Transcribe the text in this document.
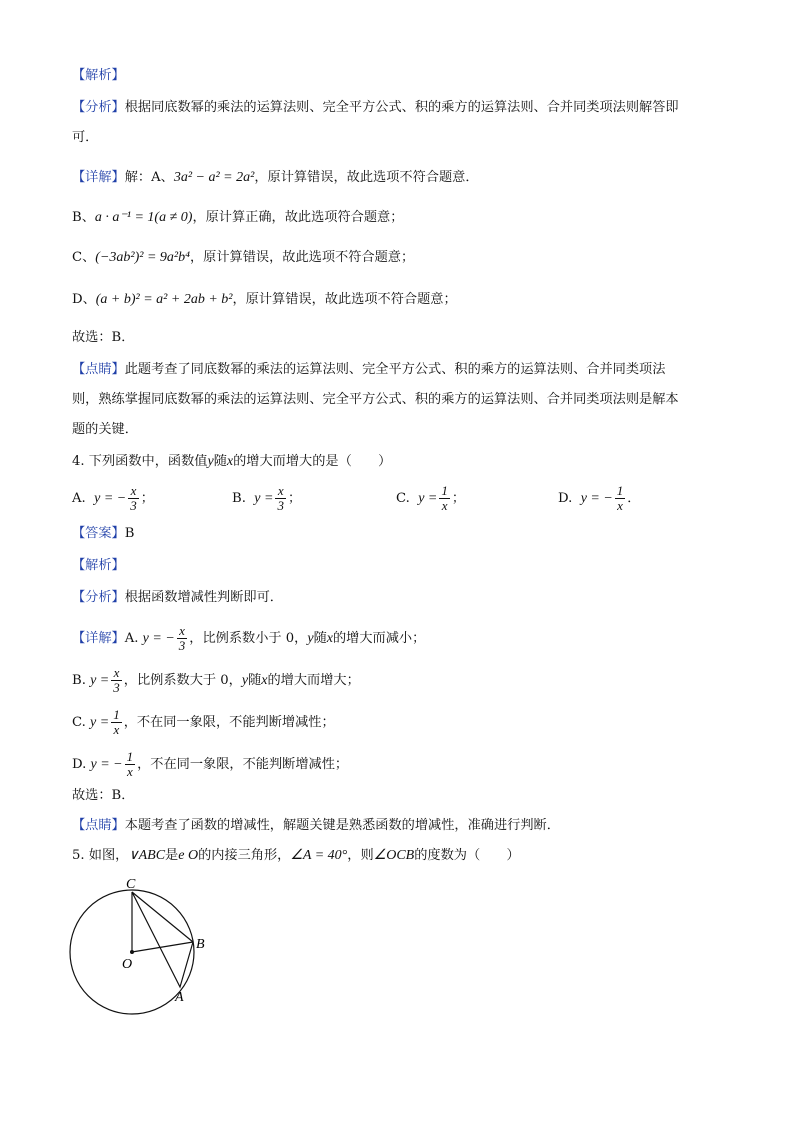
【解析】
【分析】根据同底数幂的乘法的运算法则、完全平方公式、积的乘方的运算法则、合并同类项法则解答即
可．
【详解】解：A、3a² − a² = 2a²，原计算错误，故此选项不符合题意．
B、a · a⁻¹ = 1(a ≠ 0)，原计算正确，故此选项符合题意；
C、(−3ab²)² = 9a²b⁴，原计算错误，故此选项不符合题意；
D、(a + b)² = a² + 2ab + b²，原计算错误，故此选项不符合题意；
故选：B．
【点睛】此题考查了同底数幂的乘法的运算法则、完全平方公式、积的乘方的运算法则、合并同类项法
则，熟练掌握同底数幂的乘法的运算法则、完全平方公式、积的乘方的运算法则、合并同类项法则是解本
题的关键．
4. 下列函数中，函数值y随x的增大而增大的是（　　）
A. y = − $\frac{x}{3}$ ；	B. $y = \frac{x}{3}$ ；	C. $y = \frac{1}{x}$ ；	D. y = − $\frac{1}{x}$ ．
【答案】B
【解析】
【分析】根据函数增减性判断即可．
【详解】A. y = − $\frac{x}{3}$ ，比例系数小于 0，y随x的增大而减小；
B. $y = \frac{x}{3}$ ，比例系数大于 0，y随x的增大而增大；
C. $y = \frac{1}{x}$ ，不在同一象限，不能判断增减性；
D. y = − $\frac{1}{x}$ ，不在同一象限，不能判断增减性；
故选：B．
【点睛】本题考查了函数的增减性，解题关键是熟悉函数的增减性，准确进行判断．
5. 如图，∨ABC是e O的内接三角形，∠A = 40°，则∠OCB的度数为（　　）
C
B
O
A
